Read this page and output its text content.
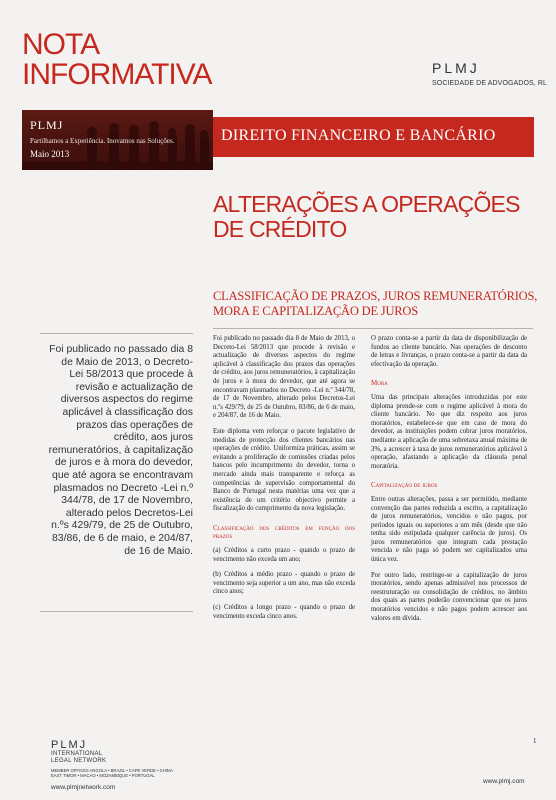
NOTA
INFORMATIVA	PLMJ
SOCIEDADE DE ADVOGADOS, RL
PLMJ
Partilhamos a Experiência. Inovamos nas Soluções.
Maio 2013
DIREITO FINANCEIRO E BANCÁRIO
ALTERAÇÕES A OPERAÇÕES DE CRÉDITO
CLASSIFICAÇÃO DE PRAZOS, JUROS REMUNERATÓRIOS, MORA E CAPITALIZAÇÃO DE JUROS

Foi publicado no passado dia 8 de Maio de 2013, o Decreto-Lei 58/2013 que procede à revisão e actualização de diversos aspectos do regime aplicável à classificação dos prazos das operações de crédito, aos juros remuneratórios, à capitalização de juros e à mora do devedor, que até agora se encontravam plasmados no Decreto -Lei n.º 344/78, de 17 de Novembro, alterado pelos Decretos-Lei n.ºs 429/79, de 25 de Outubro, 83/86, de 6 de maio, e 204/87, de 16 de Maio.

Foi publicado no passado dia 8 de Maio de 2013, o Decreto-Lei 58/2013 que procede à revisão e actualização de diversos aspectos do regime aplicável à classificação dos prazos das operações de crédito, aos juros remuneratórios, à capitalização de juros e à mora do devedor, que até agora se encontravam plasmados no Decreto -Lei n.º 344/78, de 17 de Novembro, alterado pelos Decretos-Lei n.ºs 429/79, de 25 de Outubro, 83/86, de 6 de maio, e 204/87, de 16 de Maio.

Este diploma vem reforçar o pacote legislativo de medidas de protecção dos clientes bancários nas operações de crédito. Uniformiza práticas, assim se evitando a proliferação de comissões criadas pelos bancos pelo incumprimento do devedor, torna o mercado ainda mais transparente e reforça as competências de supervisão comportamental do Banco de Portugal nesta matérias uma vez que a existência de um critério objectivo permite a fiscalização do cumprimento da nova legislação.

Classificação dos créditos em função dos prazos

(a) Créditos a curto prazo - quando o prazo de vencimento não exceda um ano;

(b) Créditos a médio prazo - quando o prazo de vencimento seja superior a um ano, mas não exceda cinco anos;

(c) Créditos a longo prazo - quando o prazo de vencimento exceda cinco anos.

O prazo conta-se a partir da data de disponibilização de fundos ao cliente bancário. Nas operações de desconto de letras e livranças, o prazo conta-se a partir da data da efectivação da operação.

Mora

Uma das principais alterações introduzidas por este diploma prende-se com o regime aplicável à mora do cliente bancário. No que diz respeito aos juros moratórios, estabelece-se que em caso de mora do devedor, as instituições podem cobrar juros moratórios, mediante a aplicação de uma sobretaxa anual máxima de 3%, a acrescer à taxa de juros remuneratórios aplicável à operação, afastando a aplicação da cláusula penal moratória.

Capitalização de juros

Entre outras alterações, passa a ser permitido, mediante convenção das partes reduzida a escrito, a capitalização de juros remuneratórios, vencidos e não pagos, por períodos iguais ou superiores a um mês (desde que não tenha sido estipulada qualquer carência de juros). Os juros remuneratórios que integram cada prestação vencida e não paga só podem ser capitalizados uma única vez.

Por outro lado, restringe-se a capitalização de juros moratórios, sendo apenas admissível nos processos de reestruturação ou consolidação de créditos, no âmbito dos quais as partes poderão convencionar que os juros moratórios vencidos e não pagos podem acrescer aos valores em dívida.

1
www.plmj.com
PLMJ
INTERNATIONAL
LEGAL NETWORK
MEMBER OFFICES ANGOLA • BRAZIL • CAPE VERDE • CHINA EAST TIMOR • MACAO • MOZAMBIQUE • PORTUGAL
www.plmjnetwork.com
